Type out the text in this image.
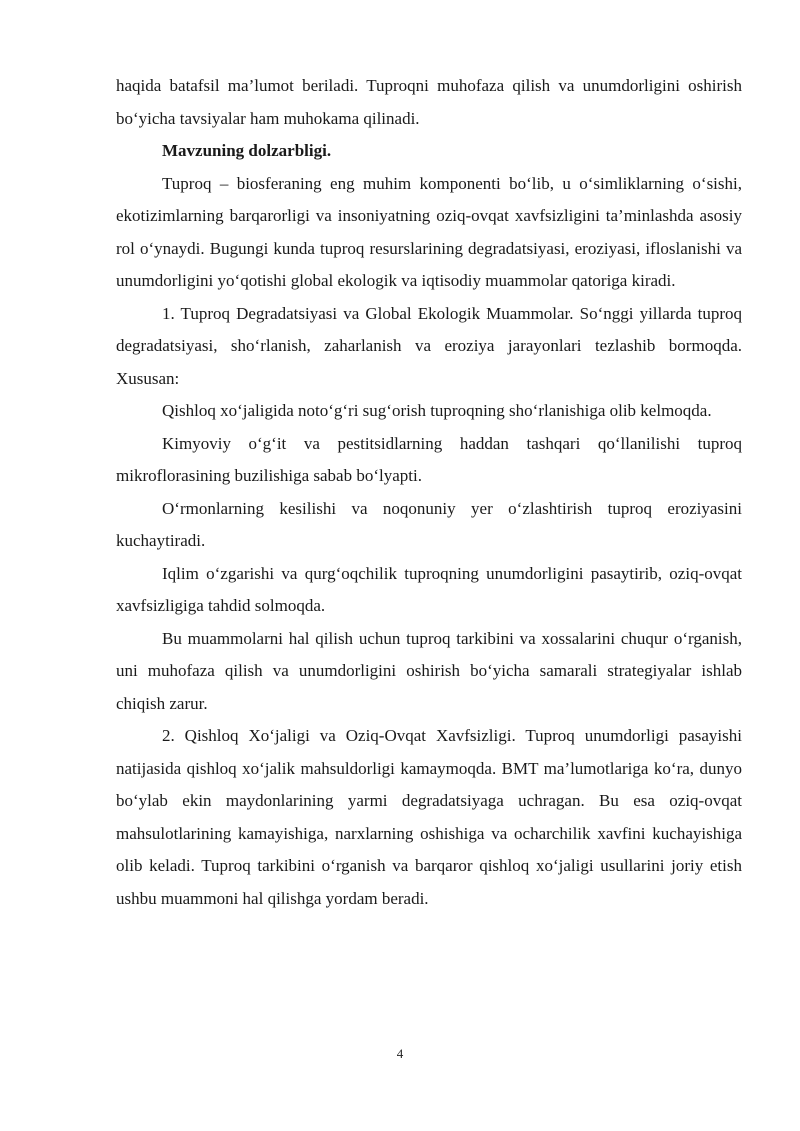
haqida batafsil ma’lumot beriladi. Tuproqni muhofaza qilish va unumdorligini oshirish bo‘yicha tavsiyalar ham muhokama qilinadi.

Mavzuning dolzarbligi.

Tuproq – biosferaning eng muhim komponenti bo‘lib, u o‘simliklarning o‘sishi, ekotizimlarning barqarorligi va insoniyatning oziq-ovqat xavfsizligini ta’minlashda asosiy rol o‘ynaydi. Bugungi kunda tuproq resurslarining degradatsiyasi, eroziyasi, ifloslanishi va unumdorligini yo‘qotishi global ekologik va iqtisodiy muammolar qatoriga kiradi.

1. Tuproq Degradatsiyasi va Global Ekologik Muammolar. So‘nggi yillarda tuproq degradatsiyasi, sho‘rlanish, zaharlanish va eroziya jarayonlari tezlashib bormoqda. Xususan:

Qishloq xo‘jaligida noto‘g‘ri sug‘orish tuproqning sho‘rlanishiga olib kelmoqda.

Kimyoviy o‘g‘it va pestitsidlarning haddan tashqari qo‘llanilishi tuproq mikroflorasining buzilishiga sabab bo‘lyapti.

O‘rmonlarning kesilishi va noqonuniy yer o‘zlashtirish tuproq eroziyasini kuchaytiradi.

Iqlim o‘zgarishi va qurg‘oqchilik tuproqning unumdorligini pasaytirib, oziq-ovqat xavfsizligiga tahdid solmoqda.

Bu muammolarni hal qilish uchun tuproq tarkibini va xossalarini chuqur o‘rganish, uni muhofaza qilish va unumdorligini oshirish bo‘yicha samarali strategiyalar ishlab chiqish zarur.

2. Qishloq Xo‘jaligi va Oziq-Ovqat Xavfsizligi. Tuproq unumdorligi pasayishi natijasida qishloq xo‘jalik mahsuldorligi kamaymoqda. BMT ma’lumotlariga ko‘ra, dunyo bo‘ylab ekin maydonlarining yarmi degradatsiyaga uchragan. Bu esa oziq-ovqat mahsulotlarining kamayishiga, narxlarning oshishiga va ocharchilik xavfini kuchayishiga olib keladi. Tuproq tarkibini o‘rganish va barqaror qishloq xo‘jaligi usullarini joriy etish ushbu muammoni hal qilishga yordam beradi.

4
